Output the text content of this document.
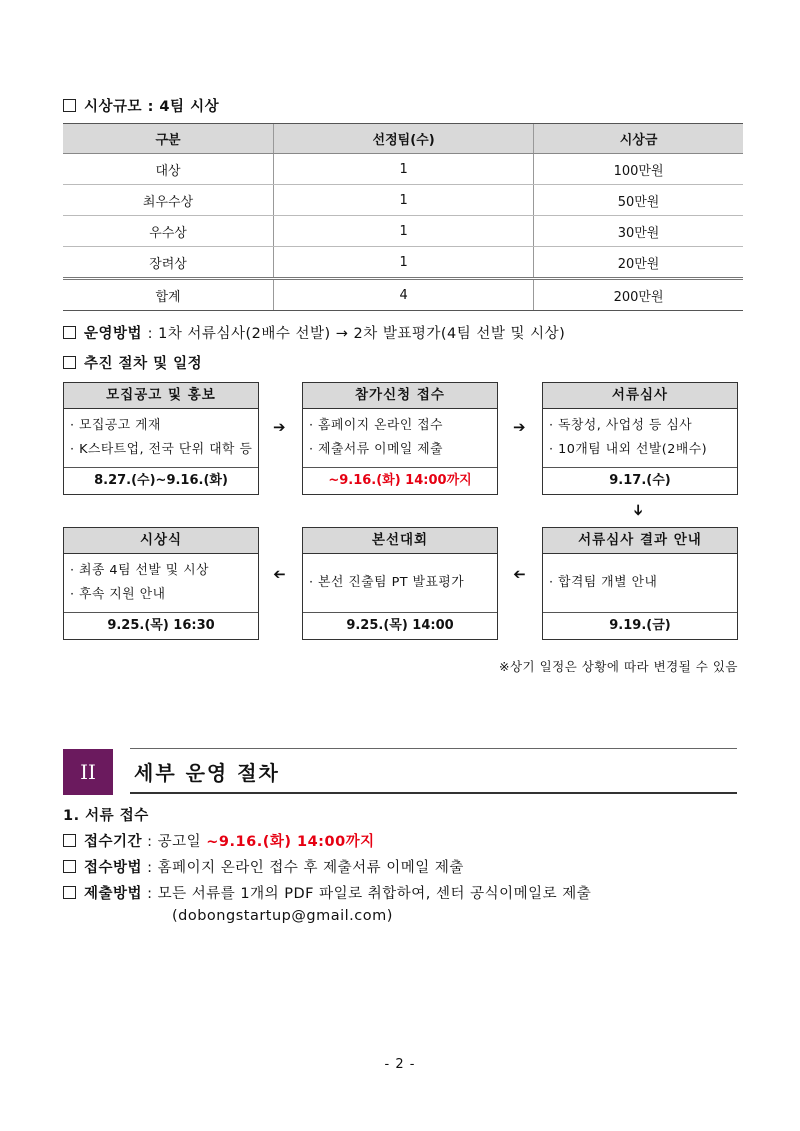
시상규모 : 4팀 시상
구분	선정팀(수)	시상금
대상	1	100만원
최우수상	1	50만원
우수상	1	30만원
장려상	1	20만원
합계	4	200만원
운영방법 : 1차 서류심사(2배수 선발) → 2차 발표평가(4팀 선발 및 시상)
추진 절차 및 일정
모집공고 및 홍보
· 모집공고 게재
· K스타트업, 전국 단위 대학 등
8.27.(수)~9.16.(화)
➔
참가신청 접수
· 홈페이지 온라인 접수
· 제출서류 이메일 제출
~9.16.(화) 14:00까지
➔
서류심사
· 독창성, 사업성 등 심사
· 10개팀 내외 선발(2배수)
9.17.(수)
➔
시상식
· 최종 4팀 선발 및 시상
· 후속 지원 안내
9.25.(목) 16:30
➔
본선대회
· 본선 진출팀 PT 발표평가
9.25.(목) 14:00
➔
서류심사 결과 안내
· 합격팀 개별 안내
9.19.(금)
※상기 일정은 상황에 따라 변경될 수 있음
II	세부 운영 절차
1. 서류 접수
접수기간 : 공고일 ~9.16.(화) 14:00까지
접수방법 : 홈페이지 온라인 접수 후 제출서류 이메일 제출
제출방법 : 모든 서류를 1개의 PDF 파일로 취합하여, 센터 공식이메일로 제출
(dobongstartup@gmail.com)
- 2 -
